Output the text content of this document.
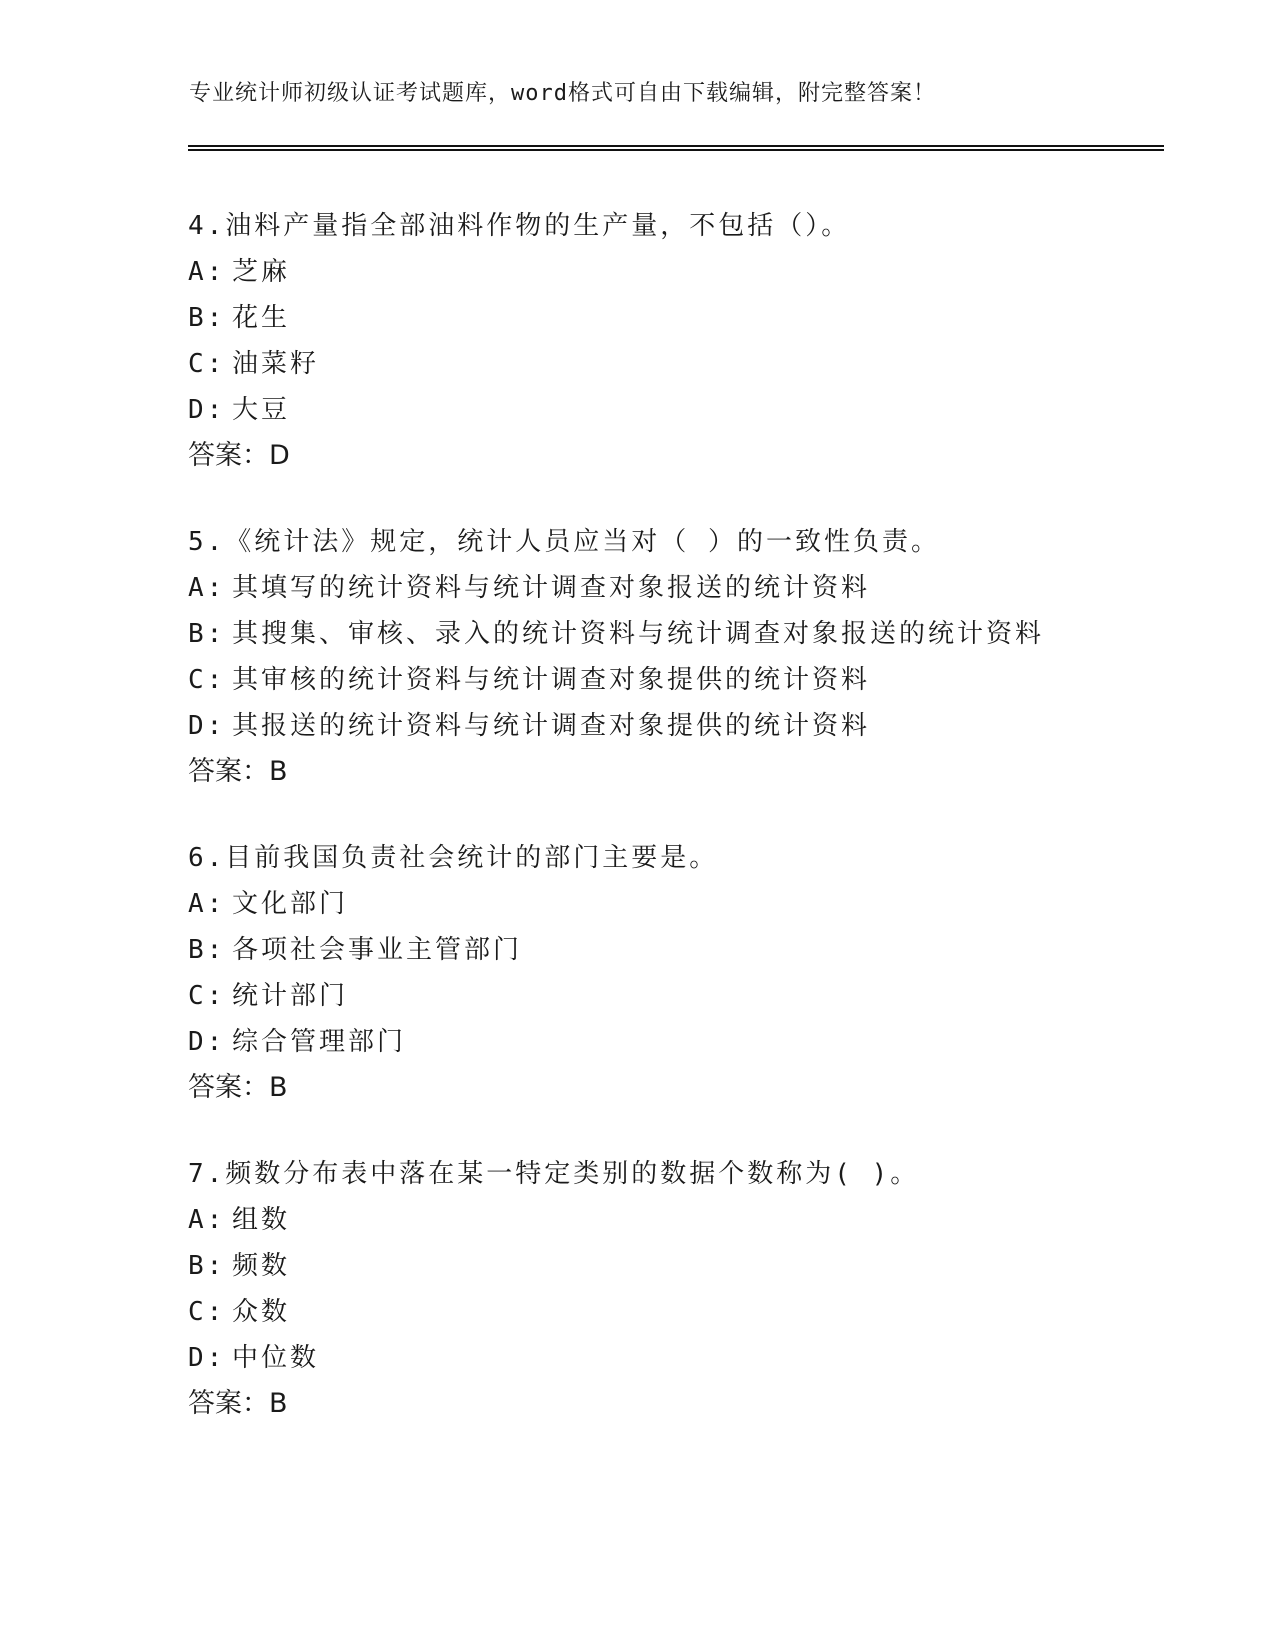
专业统计师初级认证考试题库，word格式可自由下载编辑，附完整答案！
4.油料产量指全部油料作物的生产量，不包括（）。
A: 芝麻
B: 花生
C: 油菜籽
D: 大豆
答案：D
5.《统计法》规定，统计人员应当对（ ）的一致性负责。
A: 其填写的统计资料与统计调查对象报送的统计资料
B: 其搜集、审核、录入的统计资料与统计调查对象报送的统计资料
C: 其审核的统计资料与统计调查对象提供的统计资料
D: 其报送的统计资料与统计调查对象提供的统计资料
答案：B
6.目前我国负责社会统计的部门主要是。
A: 文化部门
B: 各项社会事业主管部门
C: 统计部门
D: 综合管理部门
答案：B
7.频数分布表中落在某一特定类别的数据个数称为( )。
A: 组数
B: 频数
C: 众数
D: 中位数
答案：B
